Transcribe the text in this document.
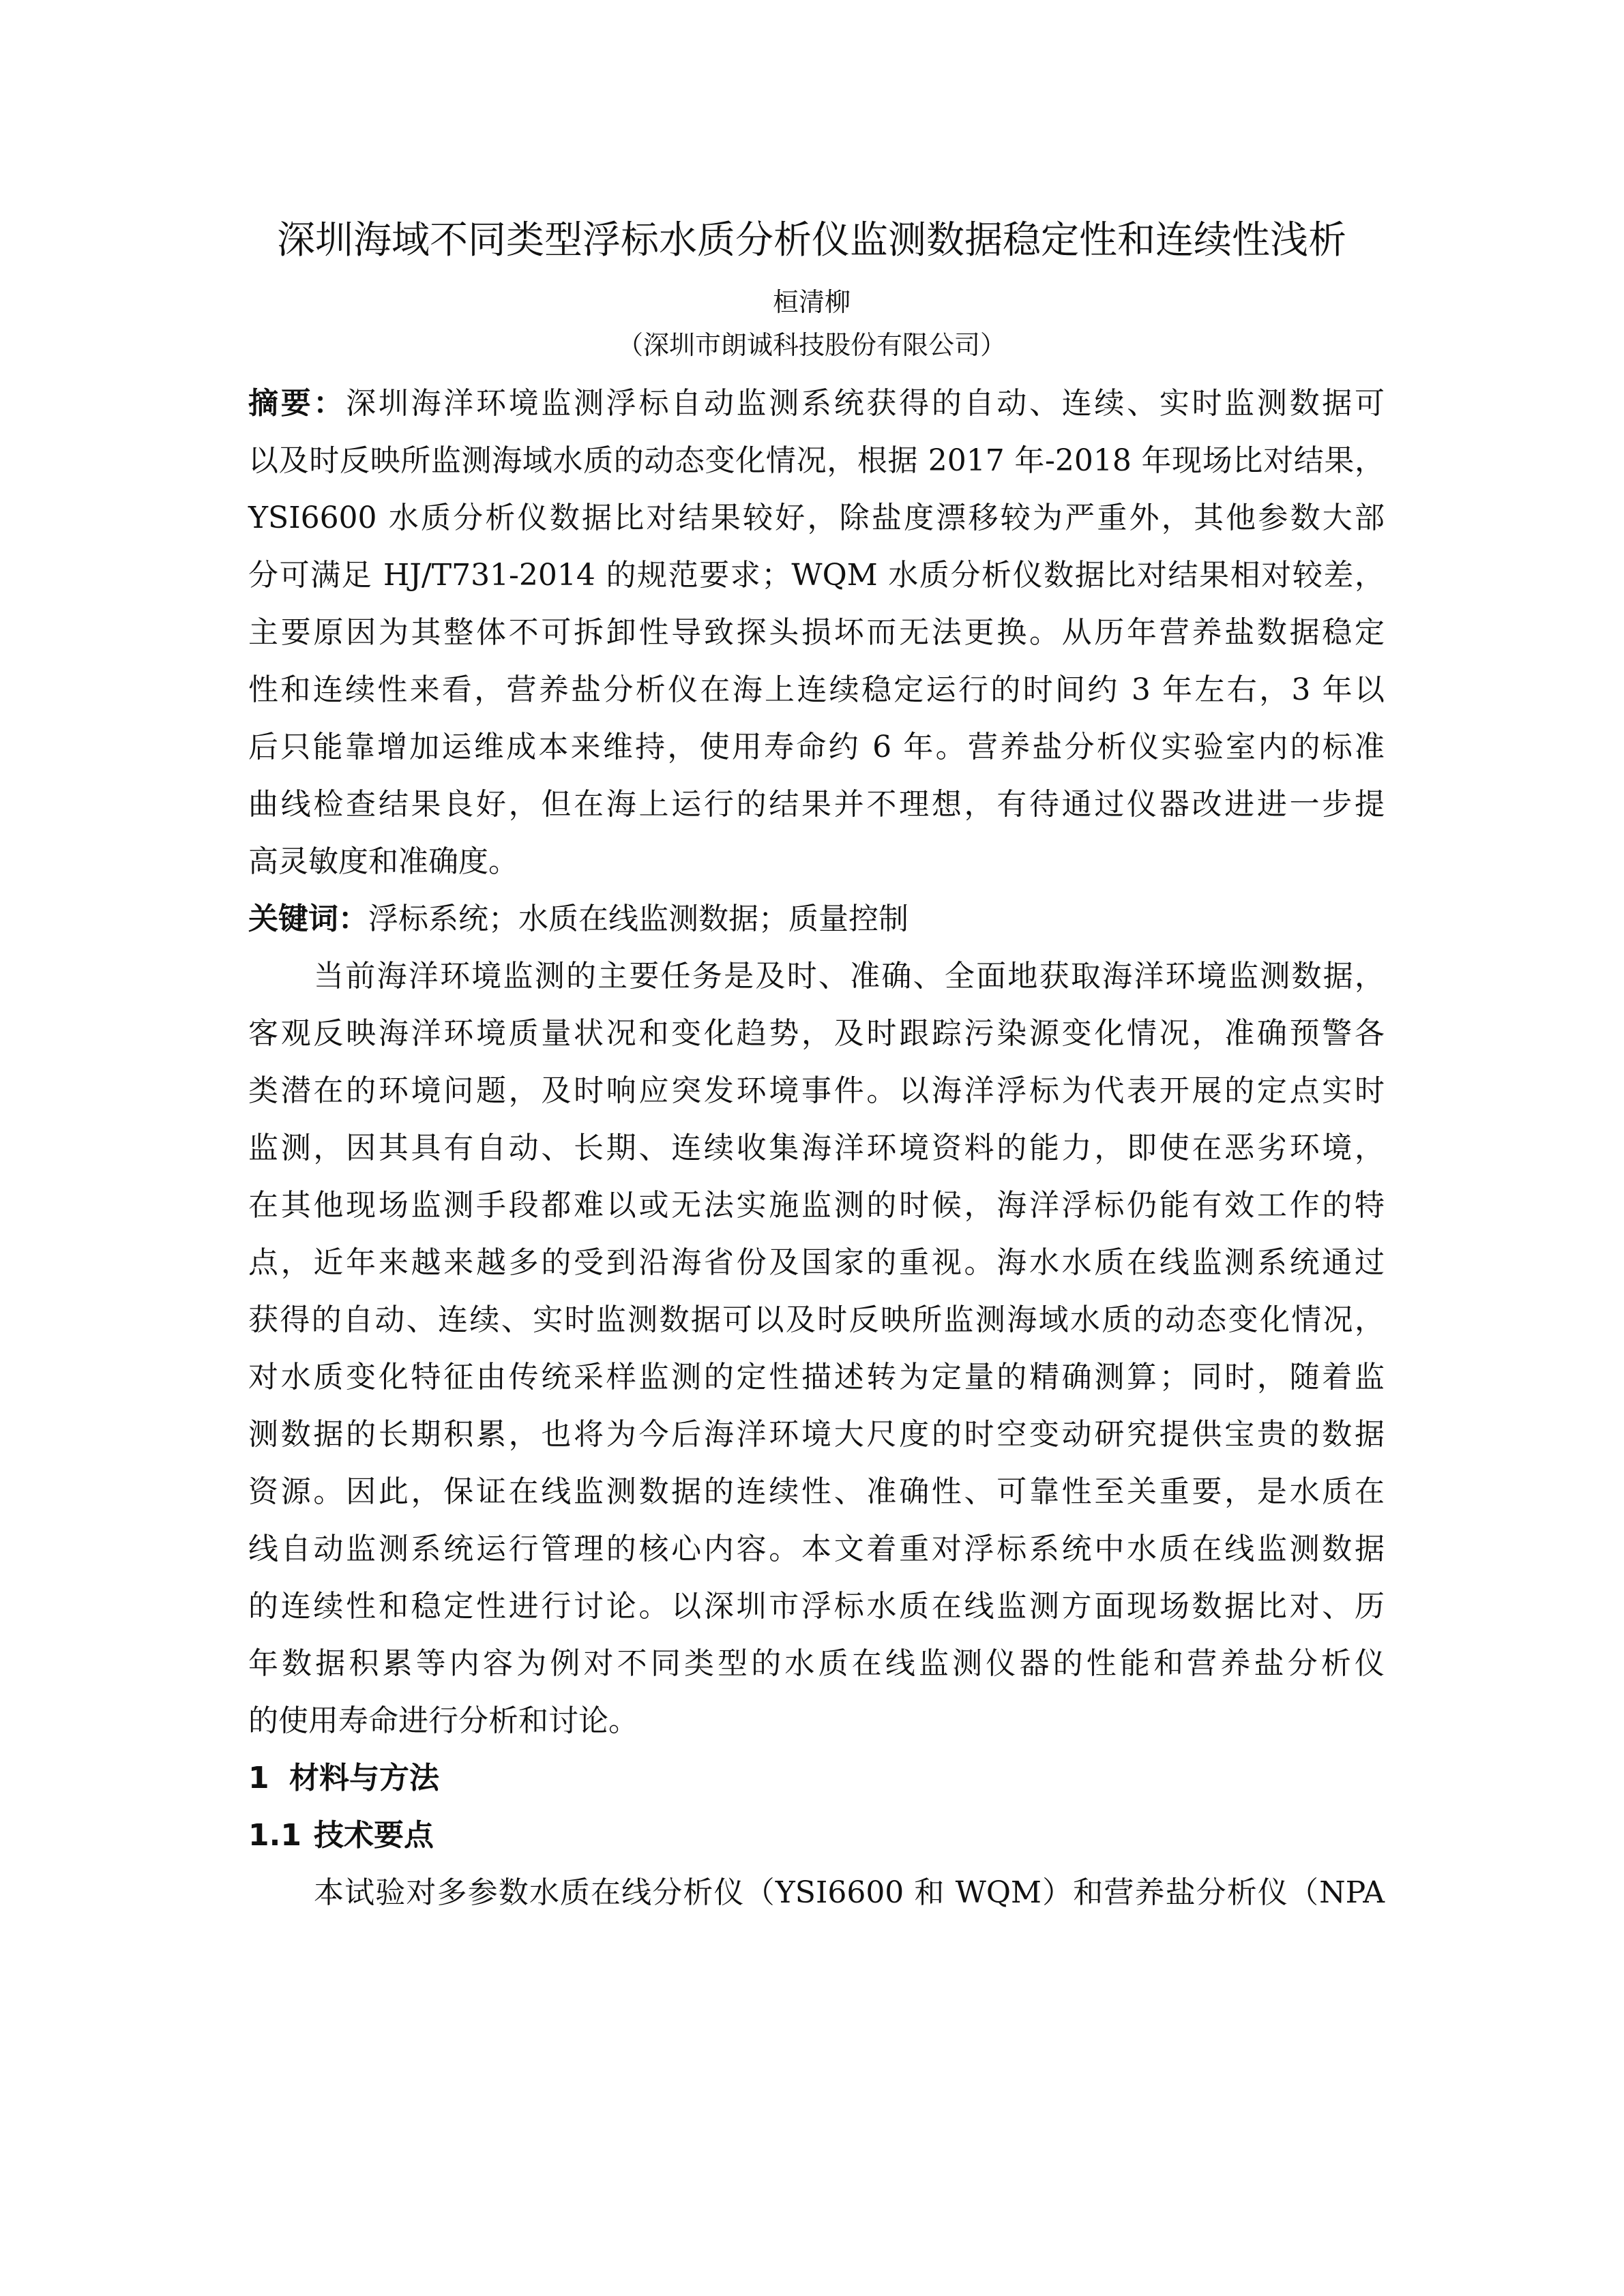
深圳海域不同类型浮标水质分析仪监测数据稳定性和连续性浅析
桓清柳
（深圳市朗诚科技股份有限公司）
摘要：深圳海洋环境监测浮标自动监测系统获得的自动、连续、实时监测数据可
以及时反映所监测海域水质的动态变化情况，根据 2017 年-2018 年现场比对结果，
YSI6600 水质分析仪数据比对结果较好，除盐度漂移较为严重外，其他参数大部
分可满足 HJ/T731-2014 的规范要求；WQM 水质分析仪数据比对结果相对较差，
主要原因为其整体不可拆卸性导致探头损坏而无法更换。从历年营养盐数据稳定
性和连续性来看，营养盐分析仪在海上连续稳定运行的时间约 3 年左右，3 年以
后只能靠增加运维成本来维持，使用寿命约 6 年。营养盐分析仪实验室内的标准
曲线检查结果良好，但在海上运行的结果并不理想，有待通过仪器改进进一步提
高灵敏度和准确度。
关键词：浮标系统；水质在线监测数据；质量控制
当前海洋环境监测的主要任务是及时、准确、全面地获取海洋环境监测数据，
客观反映海洋环境质量状况和变化趋势，及时跟踪污染源变化情况，准确预警各
类潜在的环境问题，及时响应突发环境事件。以海洋浮标为代表开展的定点实时
监测，因其具有自动、长期、连续收集海洋环境资料的能力，即使在恶劣环境，
在其他现场监测手段都难以或无法实施监测的时候，海洋浮标仍能有效工作的特
点，近年来越来越多的受到沿海省份及国家的重视。海水水质在线监测系统通过
获得的自动、连续、实时监测数据可以及时反映所监测海域水质的动态变化情况，
对水质变化特征由传统采样监测的定性描述转为定量的精确测算；同时，随着监
测数据的长期积累，也将为今后海洋环境大尺度的时空变动研究提供宝贵的数据
资源。因此，保证在线监测数据的连续性、准确性、可靠性至关重要，是水质在
线自动监测系统运行管理的核心内容。本文着重对浮标系统中水质在线监测数据
的连续性和稳定性进行讨论。以深圳市浮标水质在线监测方面现场数据比对、历
年数据积累等内容为例对不同类型的水质在线监测仪器的性能和营养盐分析仪
的使用寿命进行分析和讨论。
1 材料与方法
1.1 技术要点
本试验对多参数水质在线分析仪（YSI6600 和 WQM）和营养盐分析仪（NPA
